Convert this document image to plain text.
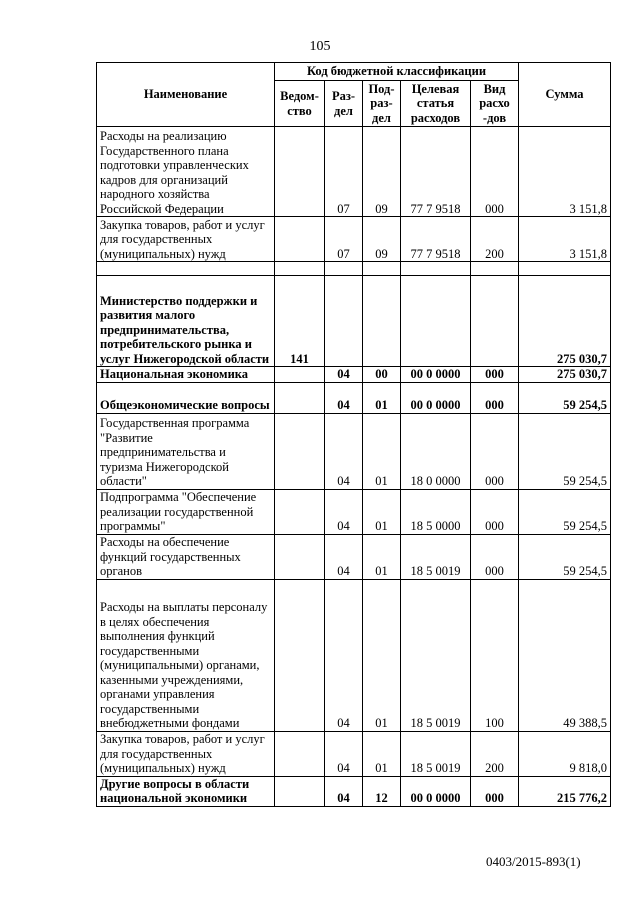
105
Наименование	Код бюджетной классификации					Сумма
	Ведом-ство	Раз-дел	Под-раз-дел	Целевая статья расходов	Вид расхо -дов	
Расходы на реализацию Государственного плана подготовки управленческих кадров для организаций народного хозяйства Российской Федерации		07	09	77 7 9518	000	3 151,8
Закупка товаров, работ и услуг для государственных (муниципальных) нужд		07	09	77 7 9518	200	3 151,8

Министерство поддержки и развития малого предпринимательства, потребительского рынка и услуг Нижегородской области	141					275 030,7
Национальная экономика		04	00	00 0 0000	000	275 030,7
Общеэкономические вопросы		04	01	00 0 0000	000	59 254,5
Государственная программа "Развитие предпринимательства и туризма Нижегородской области"		04	01	18 0 0000	000	59 254,5
Подпрограмма "Обеспечение реализации государственной программы"		04	01	18 5 0000	000	59 254,5
Расходы на обеспечение функций государственных органов		04	01	18 5 0019	000	59 254,5
Расходы на выплаты персоналу в целях обеспечения выполнения функций государственными (муниципальными) органами, казенными учреждениями, органами управления государственными внебюджетными фондами		04	01	18 5 0019	100	49 388,5
Закупка товаров, работ и услуг для государственных (муниципальных) нужд		04	01	18 5 0019	200	9 818,0
Другие вопросы в области национальной экономики		04	12	00 0 0000	000	215 776,2
0403/2015-893(1)
